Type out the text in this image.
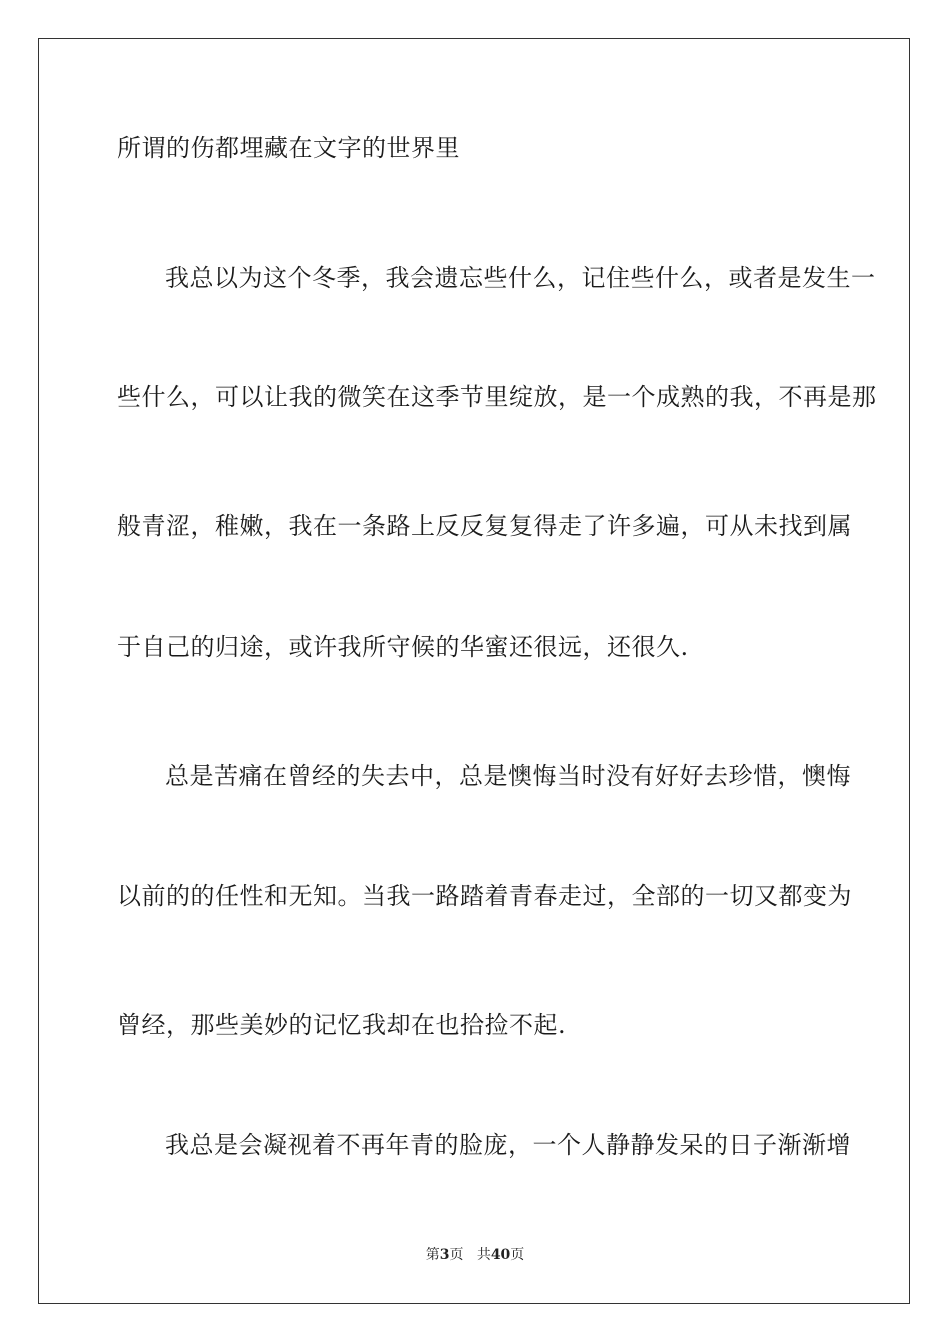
所谓的伤都埋藏在文字的世界里
我总以为这个冬季，我会遗忘些什么，记住些什么，或者是发生一
些什么，可以让我的微笑在这季节里绽放，是一个成熟的我，不再是那
般青涩，稚嫩，我在一条路上反反复复得走了许多遍，可从未找到属
于自己的归途，或许我所守候的华蜜还很远，还很久.
总是苦痛在曾经的失去中，总是懊悔当时没有好好去珍惜，懊悔
以前的的任性和无知。当我一路踏着青春走过，全部的一切又都变为
曾经，那些美妙的记忆我却在也拾捡不起.
我总是会凝视着不再年青的脸庞，一个人静静发呆的日子渐渐增
第3页 共40页
